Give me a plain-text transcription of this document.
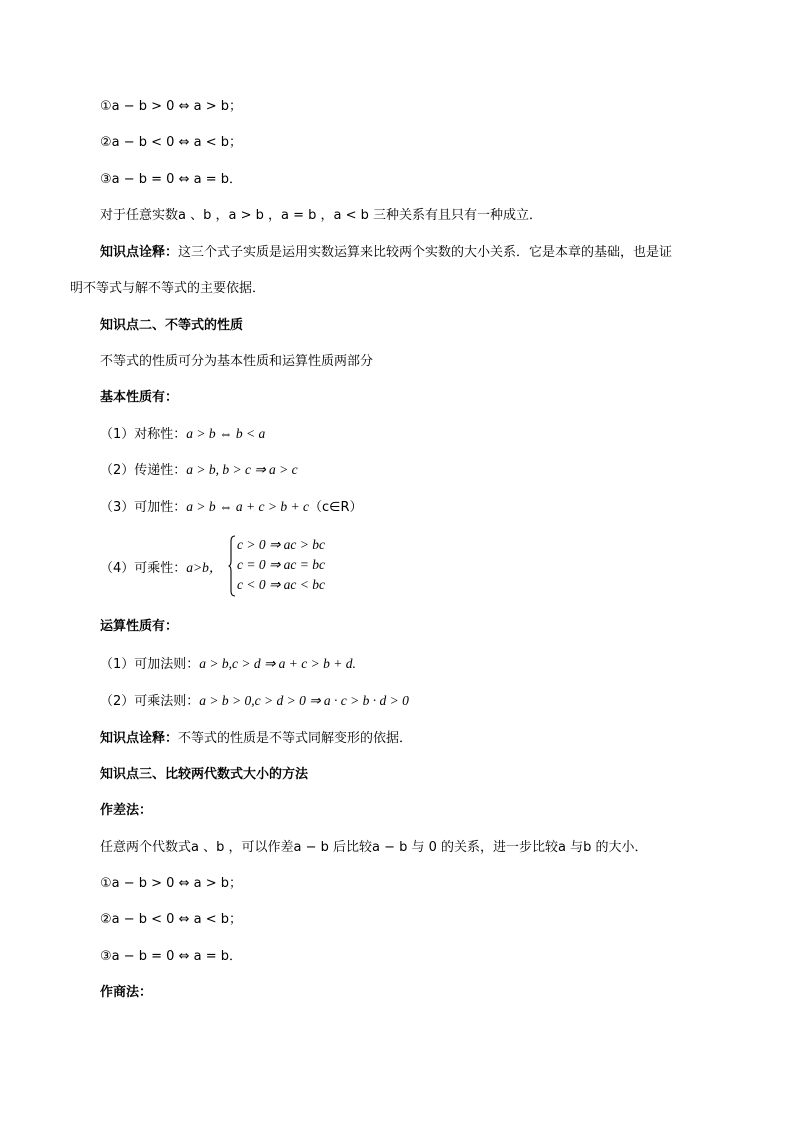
①a − b > 0 ⇔ a > b；
②a − b < 0 ⇔ a < b；
③a − b = 0 ⇔ a = b．
对于任意实数a 、b ，a > b ，a = b ，a < b 三种关系有且只有一种成立．
知识点诠释：这三个式子实质是运用实数运算来比较两个实数的大小关系．它是本章的基础，也是证
明不等式与解不等式的主要依据．
知识点二、不等式的性质
不等式的性质可分为基本性质和运算性质两部分
基本性质有：
（1）对称性：a > b ⇔ b < a
（2）传递性：a > b, b > c ⇒ a > c
（3）可加性：a > b ⇔ a + c > b + c（c∈R）
（4）可乘性：a>b，
c > 0 ⇒ ac > bc
c = 0 ⇒ ac = bc
c < 0 ⇒ ac < bc
运算性质有：
（1）可加法则：a > b,c > d ⇒ a + c > b + d.
（2）可乘法则：a > b > 0,c > d > 0 ⇒ a · c > b · d > 0
知识点诠释：不等式的性质是不等式同解变形的依据．
知识点三、比较两代数式大小的方法
作差法：
任意两个代数式a 、b ，可以作差a − b 后比较a − b 与 0 的关系，进一步比较a 与b 的大小．
①a − b > 0 ⇔ a > b；
②a − b < 0 ⇔ a < b；
③a − b = 0 ⇔ a = b．
作商法：
